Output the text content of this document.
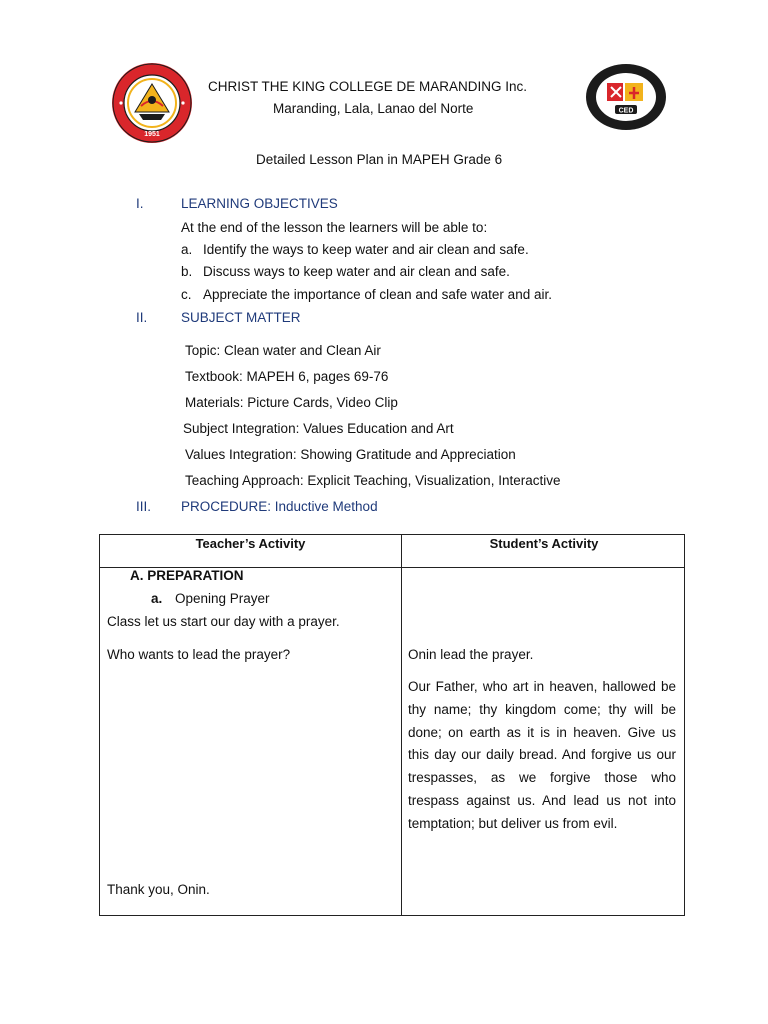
1951
CED
CHRIST THE KING COLLEGE DE MARANDING Inc.
Maranding, Lala, Lanao del Norte
Detailed Lesson Plan in MAPEH Grade 6
I.	LEARNING OBJECTIVES
At the end of the lesson the learners will be able to:
a. Identify the ways to keep water and air clean and safe.
b. Discuss ways to keep water and air clean and safe.
c. Appreciate the importance of clean and safe water and air.
II. SUBJECT MATTER
Topic: Clean water and Clean Air
Textbook: MAPEH 6, pages 69-76
Materials: Picture Cards, Video Clip
Subject Integration: Values Education and Art
Values Integration: Showing Gratitude and Appreciation
Teaching Approach: Explicit Teaching, Visualization, Interactive
III. PROCEDURE: Inductive Method
Teacher’s Activity	Student’s Activity
A. PREPARATION
a. Opening Prayer
Class let us start our day with a prayer.
Who wants to lead the prayer?
Thank you, Onin.
Onin lead the prayer.
Our Father, who art in heaven, hallowed be thy name; thy kingdom come; thy will be done; on earth as it is in heaven. Give us this day our daily bread. And forgive us our trespasses, as we forgive those who trespass against us. And lead us not into temptation; but deliver us from evil.
